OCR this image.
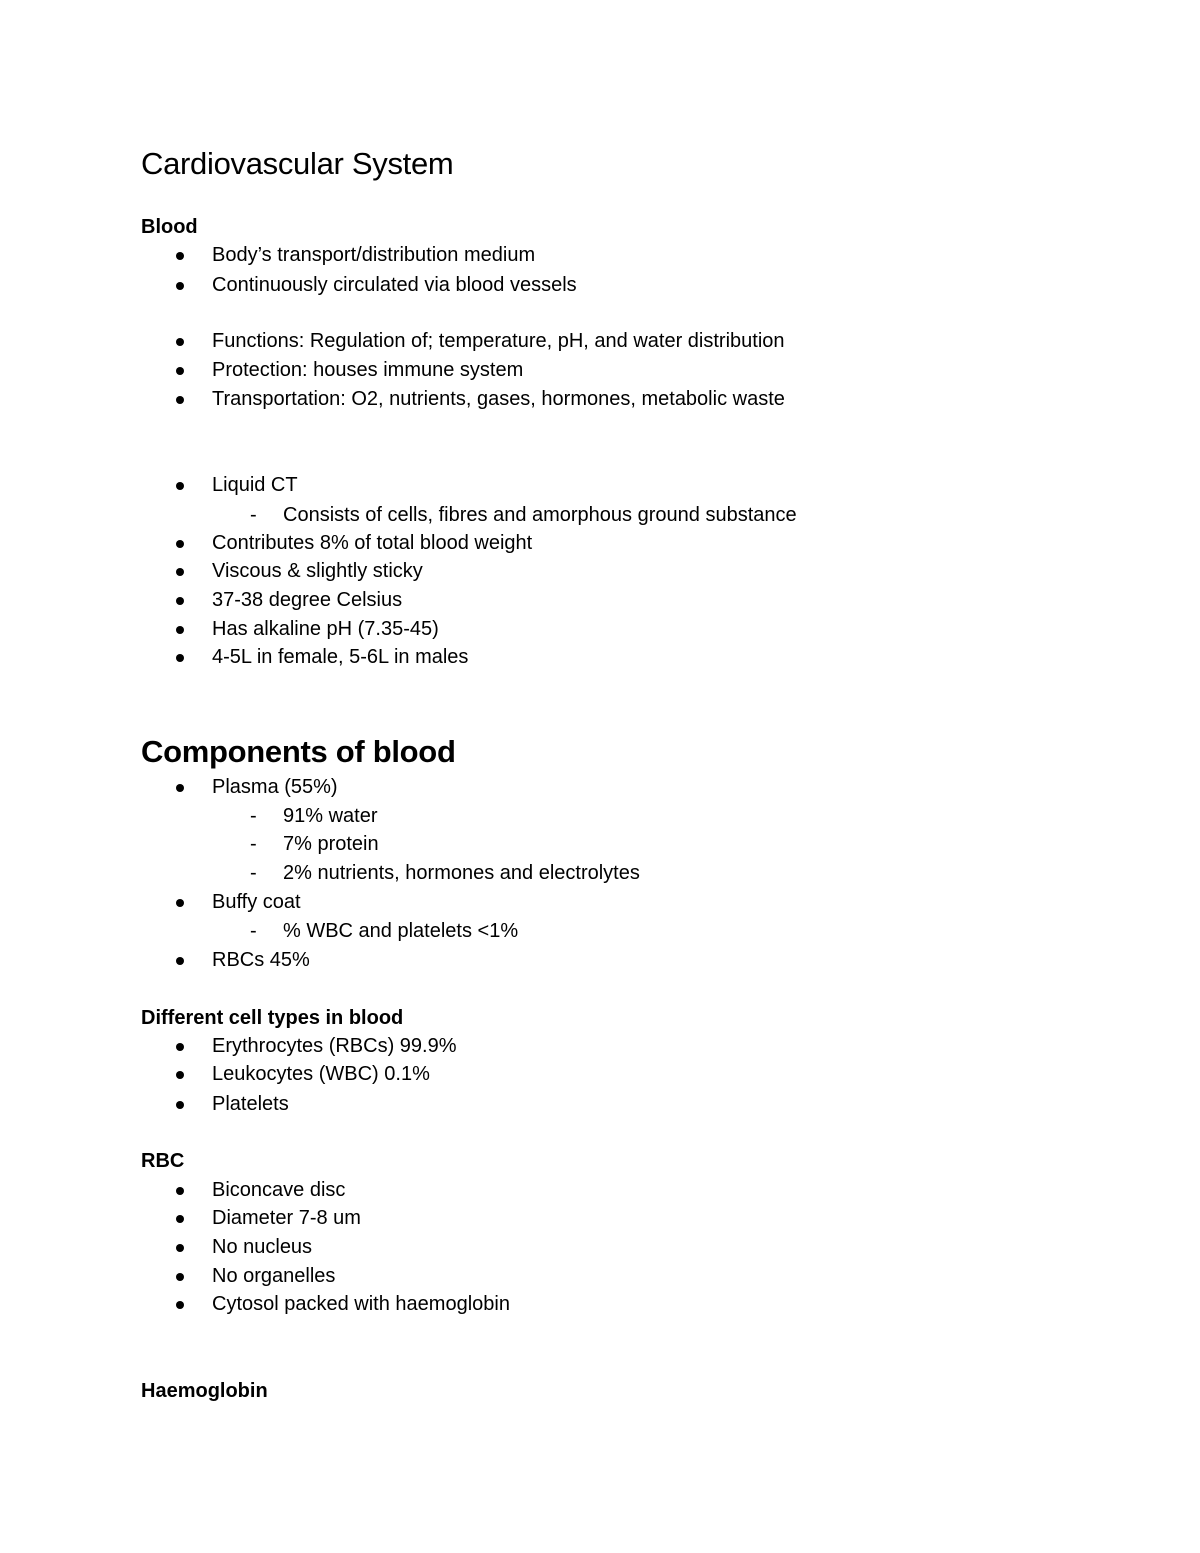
Cardiovascular System
Blood
Body’s transport/distribution medium
Continuously circulated via blood vessels
Functions: Regulation of; temperature, pH, and water distribution
Protection: houses immune system
Transportation: O2, nutrients, gases, hormones, metabolic waste
Liquid CT
- Consists of cells, fibres and amorphous ground substance
Contributes 8% of total blood weight
Viscous & slightly sticky
37-38 degree Celsius
Has alkaline pH (7.35-45)
4-5L in female, 5-6L in males
Components of blood
Plasma (55%)
- 91% water
- 7% protein
- 2% nutrients, hormones and electrolytes
Buffy coat
- % WBC and platelets <1%
RBCs 45%
Different cell types in blood
Erythrocytes (RBCs) 99.9%
Leukocytes (WBC) 0.1%
Platelets
RBC
Biconcave disc
Diameter 7-8 um
No nucleus
No organelles
Cytosol packed with haemoglobin
Haemoglobin
